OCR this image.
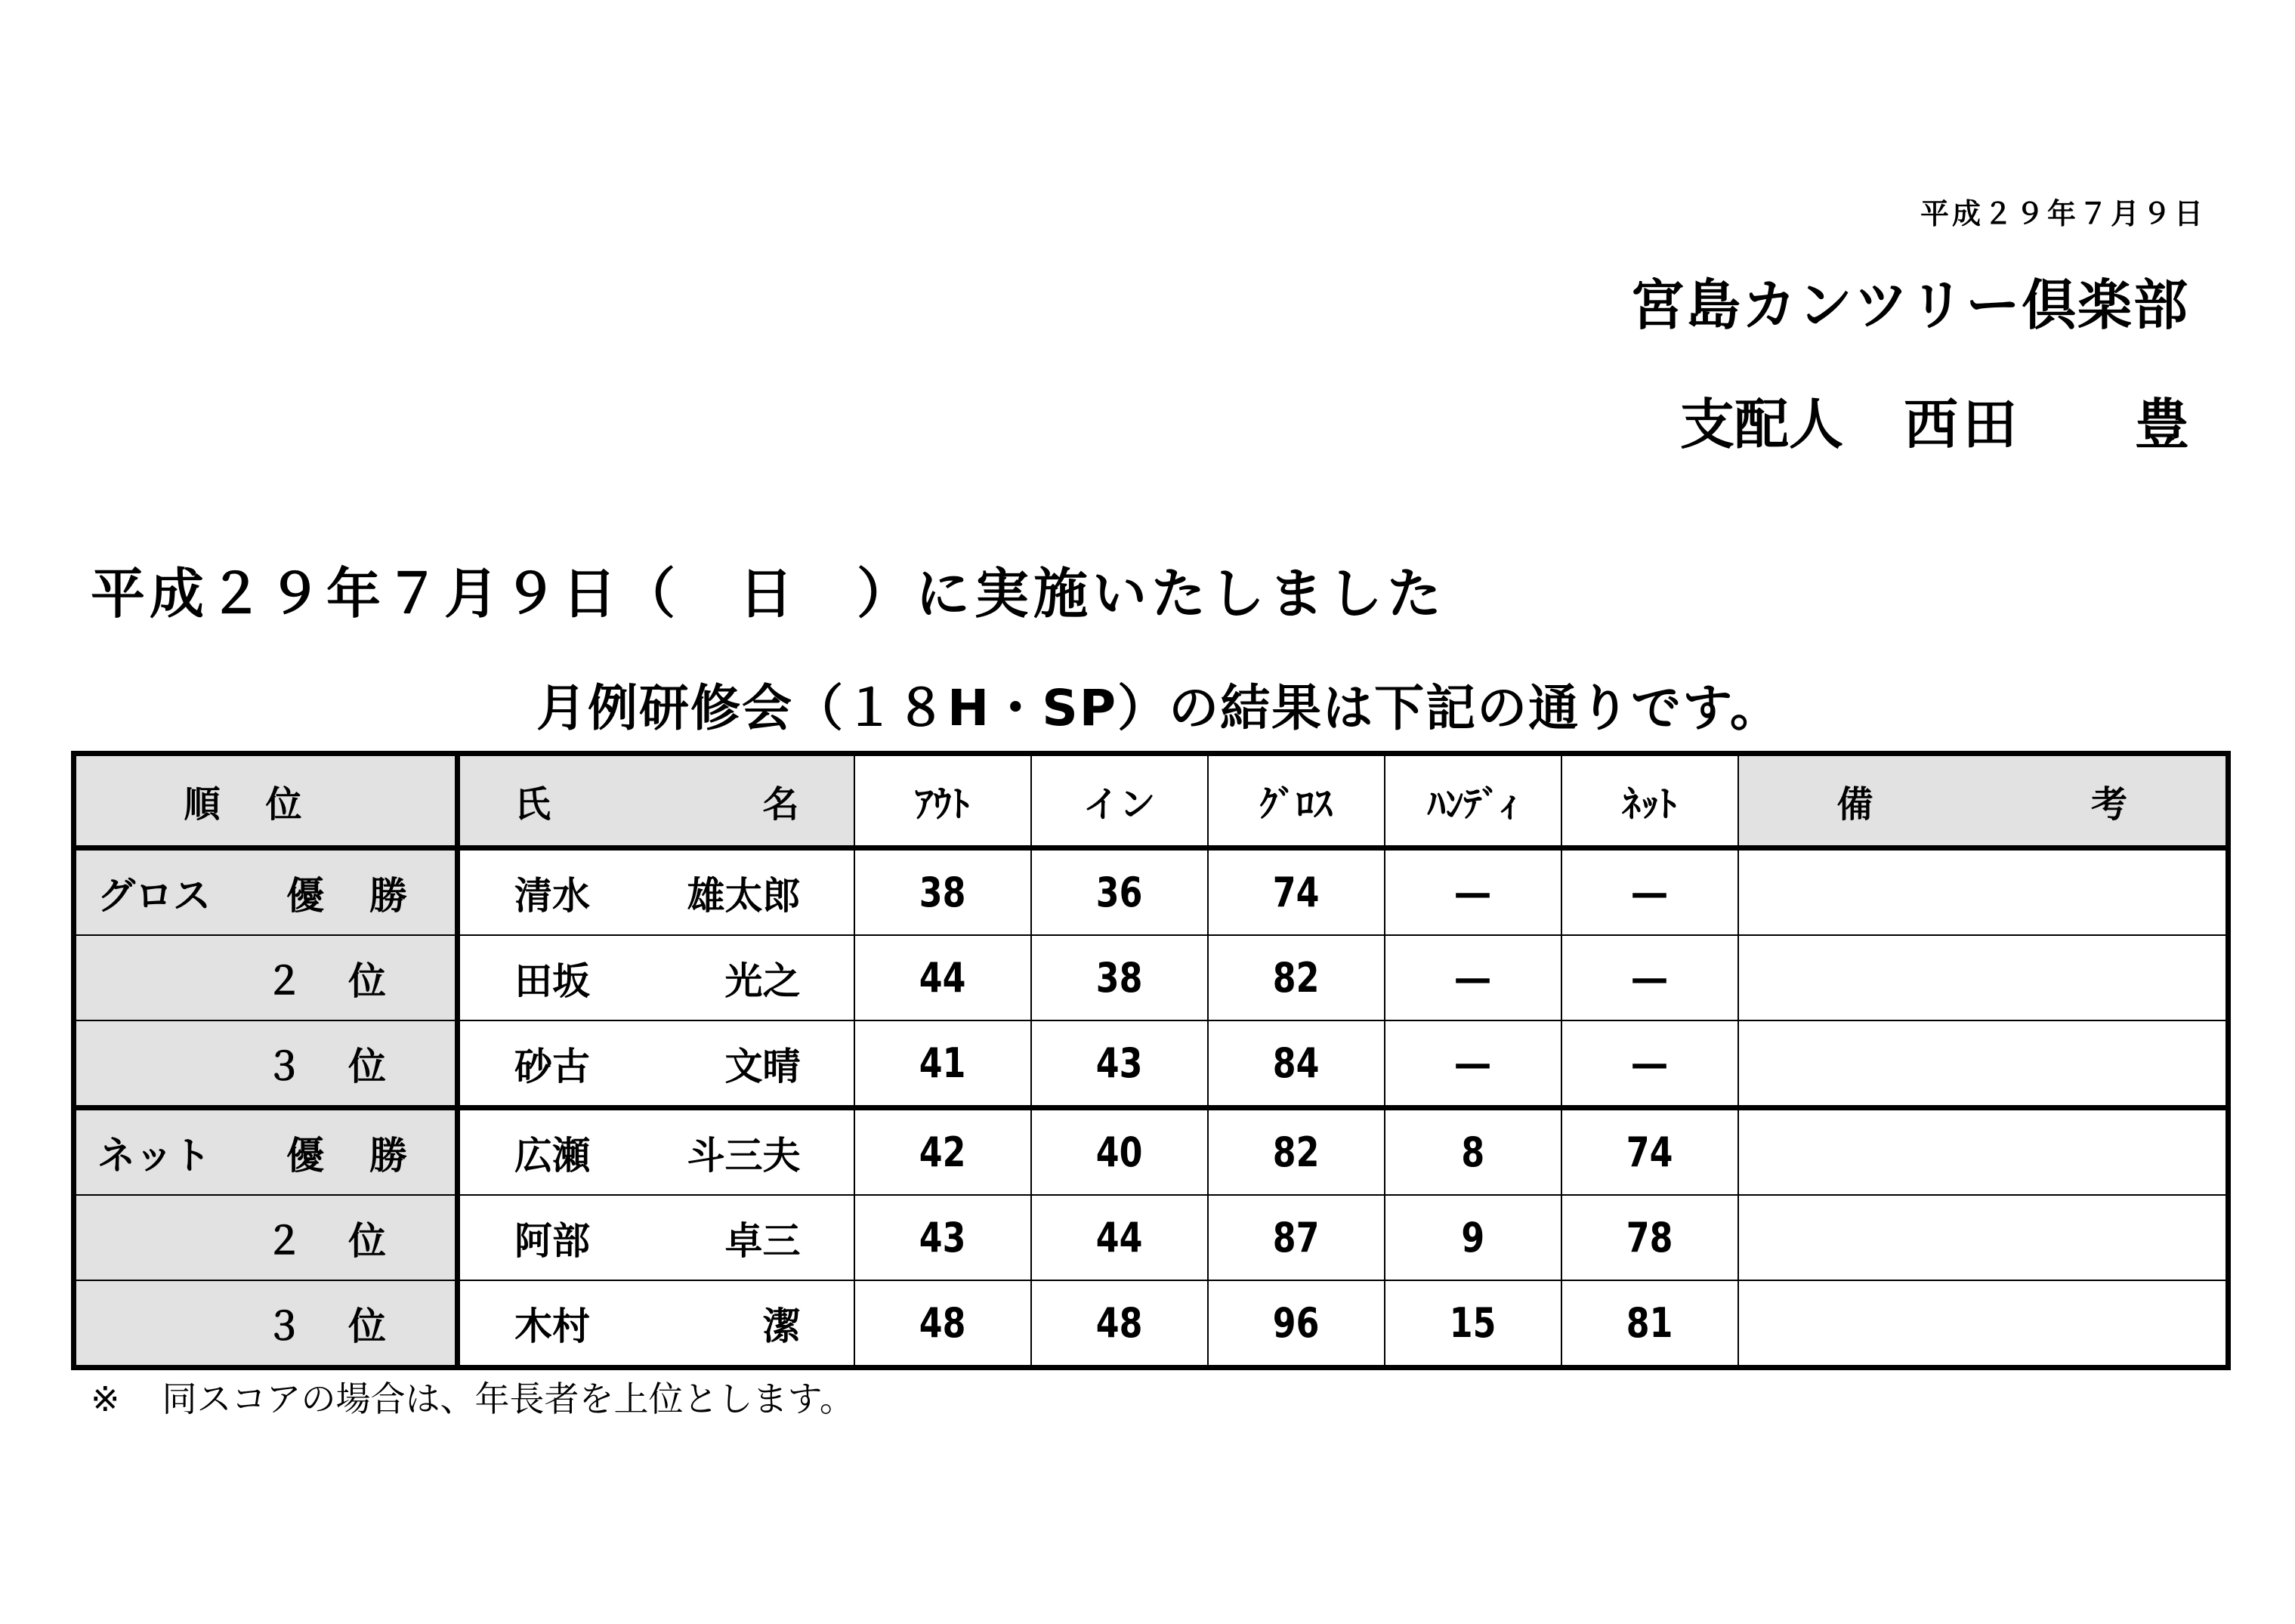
平成２９年７月９日
宮島カンツリー倶楽部
支配人 西田 豊
平成２９年７月９日（　日　）に実施いたしました
月例研修会（１８H・SP）の結果は下記の通りです。
順位	氏 名	ｱｳﾄ	イン	ｸﾞﾛｽ	ﾊﾝﾃﾞｨ	ﾈｯﾄ	備 考

グロス 優 勝	清水 雄太郎	38	36	74	—	—	
２ 位	田坂 光之	44	38	82	—	—	
３ 位	砂古 文晴	41	43	84	—	—	
ネット 優 勝	広瀬 斗三夫	42	40	82	8	74	
２ 位	阿部 卓三	43	44	87	9	78	
３ 位	木村 潔	48	48	96	15	81	
※ 同スコアの場合は、年長者を上位とします。
